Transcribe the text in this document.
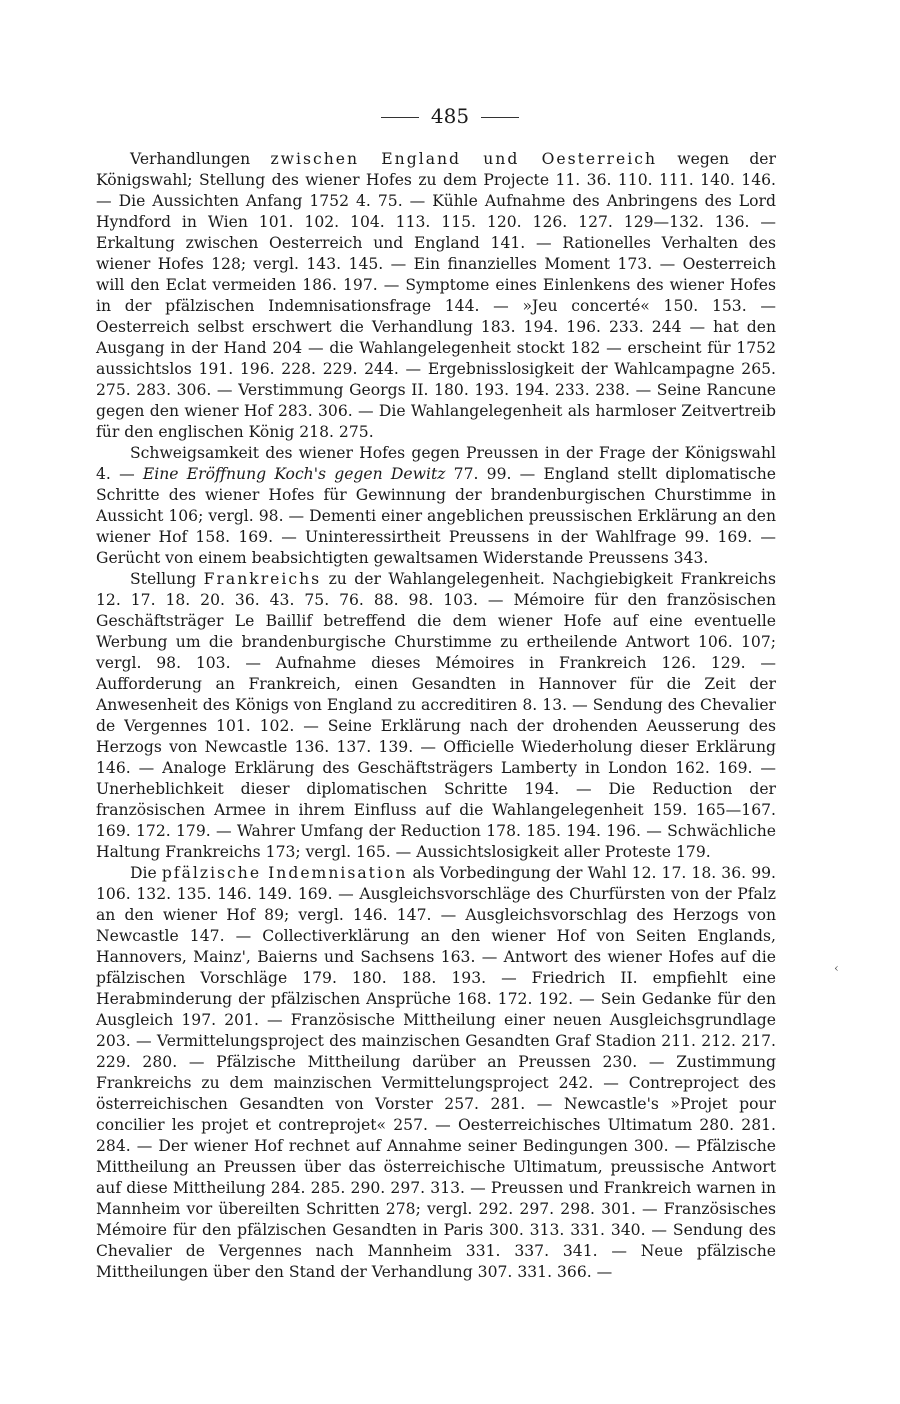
485

Verhandlungen zwischen England und Oesterreich wegen der Königswahl; Stellung des wiener Hofes zu dem Projecte 11. 36. 110. 111. 140. 146. — Die Aussichten Anfang 1752 4. 75. — Kühle Aufnahme des Anbringens des Lord Hyndford in Wien 101. 102. 104. 113. 115. 120. 126. 127. 129—132. 136. — Erkaltung zwischen Oesterreich und England 141. — Rationelles Verhalten des wiener Hofes 128; vergl. 143. 145. — Ein finanzielles Moment 173. — Oesterreich will den Eclat vermeiden 186. 197. — Symptome eines Einlenkens des wiener Hofes in der pfälzischen Indemnisationsfrage 144. — »Jeu concerté« 150. 153. — Oesterreich selbst erschwert die Verhandlung 183. 194. 196. 233. 244 — hat den Ausgang in der Hand 204 — die Wahlangelegenheit stockt 182 — erscheint für 1752 aussichtslos 191. 196. 228. 229. 244. — Ergebnisslosigkeit der Wahlcampagne 265. 275. 283. 306. — Verstimmung Georgs II. 180. 193. 194. 233. 238. — Seine Rancune gegen den wiener Hof 283. 306. — Die Wahlangelegenheit als harmloser Zeitvertreib für den englischen König 218. 275.

Schweigsamkeit des wiener Hofes gegen Preussen in der Frage der Königswahl 4. — Eine Eröffnung Koch's gegen Dewitz 77. 99. — England stellt diplomatische Schritte des wiener Hofes für Gewinnung der brandenburgischen Churstimme in Aussicht 106; vergl. 98. — Dementi einer angeblichen preussischen Erklärung an den wiener Hof 158. 169. — Uninteressirtheit Preussens in der Wahlfrage 99. 169. — Gerücht von einem beabsichtigten gewaltsamen Widerstande Preussens 343.

Stellung Frankreichs zu der Wahlangelegenheit. Nachgiebigkeit Frankreichs 12. 17. 18. 20. 36. 43. 75. 76. 88. 98. 103. — Mémoire für den französischen Geschäftsträger Le Baillif betreffend die dem wiener Hofe auf eine eventuelle Werbung um die brandenburgische Churstimme zu ertheilende Antwort 106. 107; vergl. 98. 103. — Aufnahme dieses Mémoires in Frankreich 126. 129. — Aufforderung an Frankreich, einen Gesandten in Hannover für die Zeit der Anwesenheit des Königs von England zu accreditiren 8. 13. — Sendung des Chevalier de Vergennes 101. 102. — Seine Erklärung nach der drohenden Aeusserung des Herzogs von Newcastle 136. 137. 139. — Officielle Wiederholung dieser Erklärung 146. — Analoge Erklärung des Geschäftsträgers Lamberty in London 162. 169. — Unerheblichkeit dieser diplomatischen Schritte 194. — Die Reduction der französischen Armee in ihrem Einfluss auf die Wahlangelegenheit 159. 165—167. 169. 172. 179. — Wahrer Umfang der Reduction 178. 185. 194. 196. — Schwächliche Haltung Frankreichs 173; vergl. 165. — Aussichtslosigkeit aller Proteste 179.

Die pfälzische Indemnisation als Vorbedingung der Wahl 12. 17. 18. 36. 99. 106. 132. 135. 146. 149. 169. — Ausgleichsvorschläge des Churfürsten von der Pfalz an den wiener Hof 89; vergl. 146. 147. — Ausgleichsvorschlag des Herzogs von Newcastle 147. — Collectiverklärung an den wiener Hof von Seiten Englands, Hannovers, Mainz', Baierns und Sachsens 163. — Antwort des wiener Hofes auf die pfälzischen Vorschläge 179. 180. 188. 193. — Friedrich II. empfiehlt eine Herabminderung der pfälzischen Ansprüche 168. 172. 192. — Sein Gedanke für den Ausgleich 197. 201. — Französische Mittheilung einer neuen Ausgleichsgrundlage 203. — Vermittelungsproject des mainzischen Gesandten Graf Stadion 211. 212. 217. 229. 280. — Pfälzische Mittheilung darüber an Preussen 230. — Zustimmung Frankreichs zu dem mainzischen Vermittelungsproject 242. — Contreproject des österreichischen Gesandten von Vorster 257. 281. — Newcastle's »Projet pour concilier les projet et contreprojet« 257. — Oesterreichisches Ultimatum 280. 281. 284. — Der wiener Hof rechnet auf Annahme seiner Bedingungen 300. — Pfälzische Mittheilung an Preussen über das österreichische Ultimatum, preussische Antwort auf diese Mittheilung 284. 285. 290. 297. 313. — Preussen und Frankreich warnen in Mannheim vor übereilten Schritten 278; vergl. 292. 297. 298. 301. — Französisches Mémoire für den pfälzischen Gesandten in Paris 300. 313. 331. 340. — Sendung des Chevalier de Vergennes nach Mannheim 331. 337. 341. — Neue pfälzische Mittheilungen über den Stand der Verhandlung 307. 331. 366. —

‹
